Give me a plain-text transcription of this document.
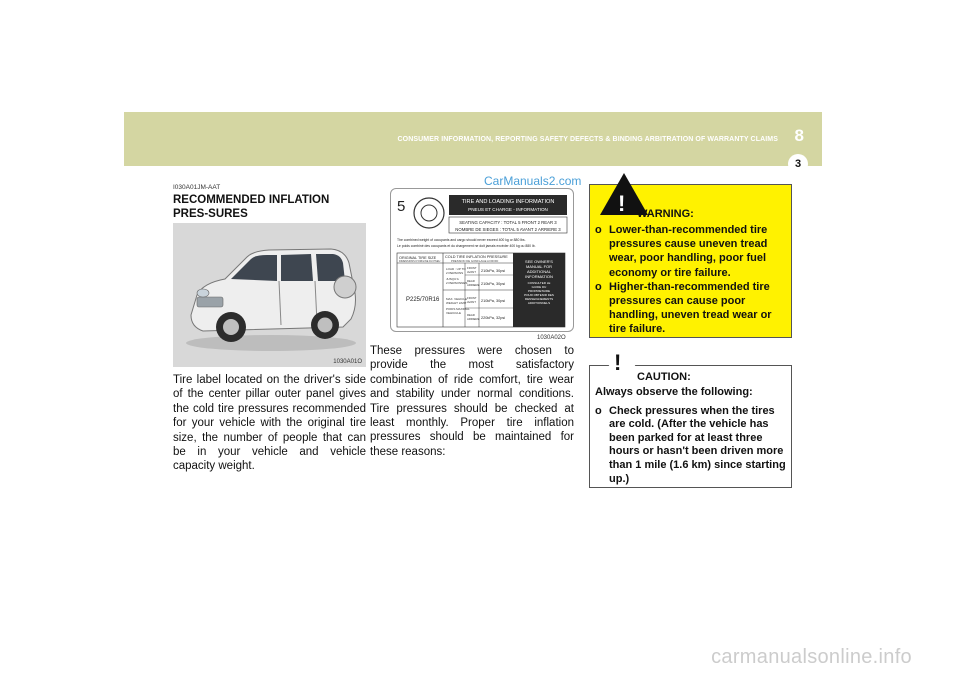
CONSUMER INFORMATION, REPORTING SAFETY DEFECTS & BINDING ARBITRATION OF WARRANTY CLAIMS 8
3
I030A01JM-AAT
RECOMMENDED INFLATION PRES-SURES
1030A01O
Tire label located on the driver's side of the center pillar outer panel gives the cold tire pressures recommended for your vehicle with the original tire size, the number of people that can be in your vehicle and vehicle capacity weight.
CarManuals2.com
5	TIRE AND LOADING INFORMATION
PNEUS ET CHARGE - INFORMATION
SEATING CAPACITY : TOTAL 5 FRONT 2 REAR 3
NOMBRE DE SIEGES : TOTAL 5 AVANT 2 ARRIERE 3
The combined weight of occupants and cargo should never exceed 400 kg or 880 lbs.
Le poids combiné des occupants et du chargement ne doit jamais excéder 400 kg ou 880 lb.
ORIGINAL TIRE SIZE
DIMENSIONS D'ORIGINE DU PNEU
COLD TIRE INFLATION PRESSURE
PRESSION DE GONFLAGE A FROID
P225/70R16
LOAD : UP TO
2 PERSONS
JUSQU'A
2 PERSONNES
MAX. VEHICLE
WEIGHT LIMIT
POIDS MAXIMAL
VEHICULE
FRONT
AVANT
REAR
ARRIERE
FRONT
AVANT
REAR
ARRIERE
210kPa, 30psi
210kPa, 30psi
210kPa, 30psi
220kPa, 32psi
SEE OWNER'S
MANUAL FOR
ADDITIONAL
INFORMATION
CONSULTER LE
GUIDE DU
PROPRIETAIRE
POUR OBTENIR DES
RENSEIGNEMENTS
ADDITIONNELS
1030A02O
These pressures were chosen to provide the most satisfactory combination of ride comfort, tire wear and stability under normal conditions. Tire pressures should be checked at least monthly. Proper tire inflation pressures should be maintained for these reasons:
! WARNING:
o Lower-than-recommended tire pressures cause uneven tread wear, poor handling, poor fuel economy or tire failure.
o Higher-than-recommended tire pressures can cause poor handling, uneven tread wear or tire failure.
!
CAUTION:
Always observe the following:
o Check pressures when the tires are cold. (After the vehicle has been parked for at least three hours or hasn't been driven more than 1 mile (1.6 km) since starting up.)
carmanualsonline.info
